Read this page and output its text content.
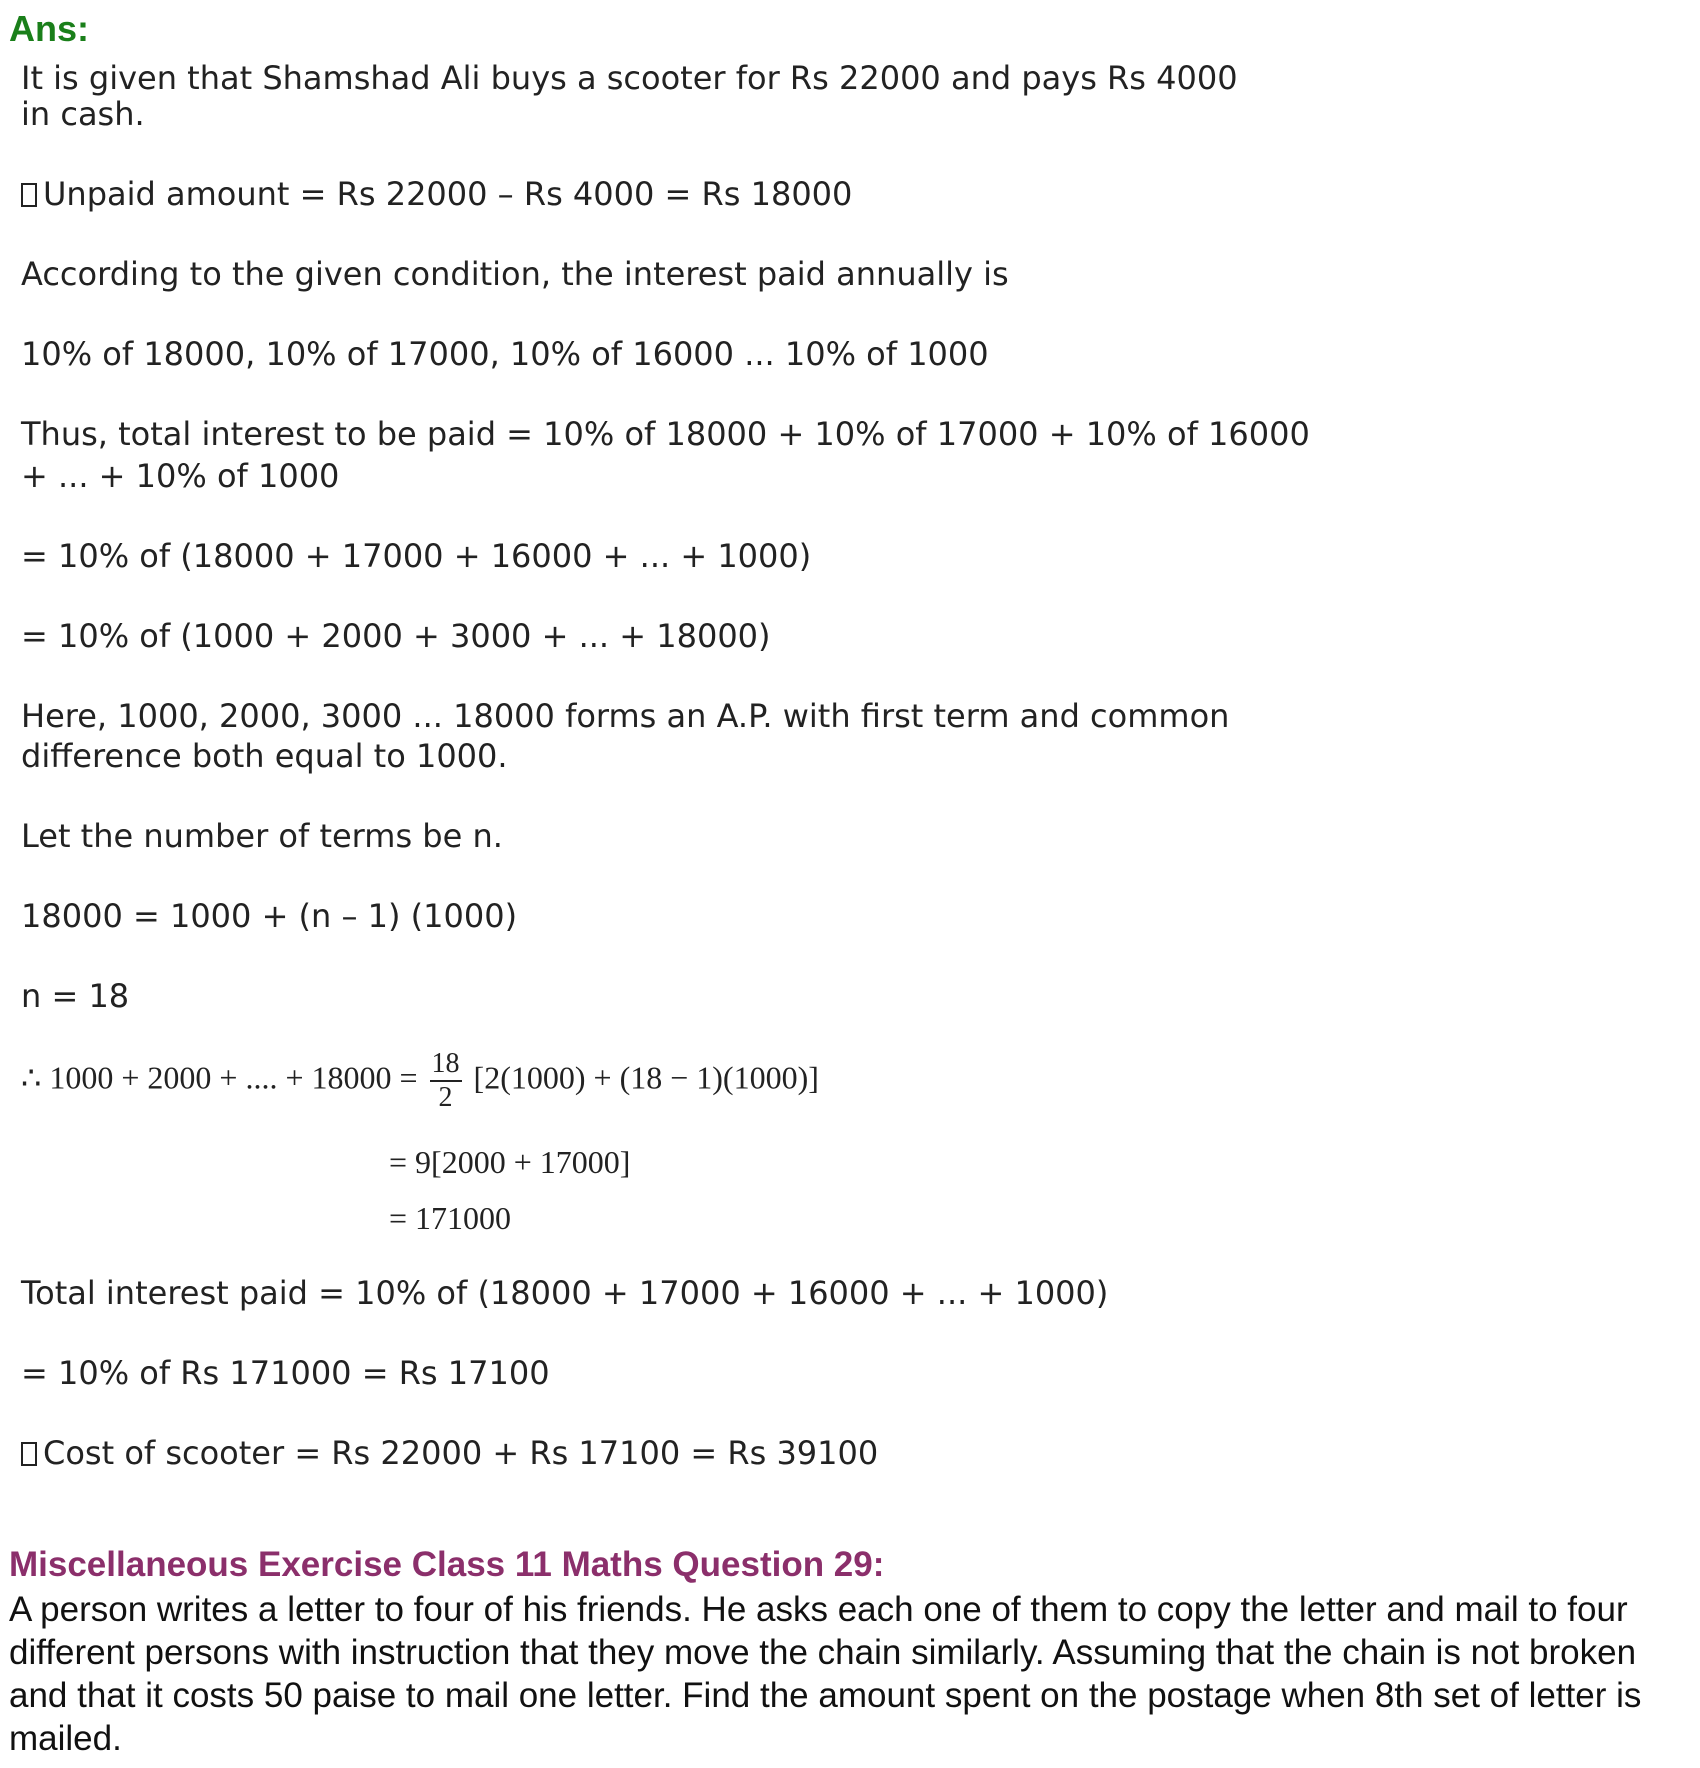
Ans:
It is given that Shamshad Ali buys a scooter for Rs 22000 and pays Rs 4000
in cash.
Unpaid amount = Rs 22000 – Rs 4000 = Rs 18000
According to the given condition, the interest paid annually is
10% of 18000, 10% of 17000, 10% of 16000 ... 10% of 1000
Thus, total interest to be paid = 10% of 18000 + 10% of 17000 + 10% of 16000
+ ... + 10% of 1000
= 10% of (18000 + 17000 + 16000 + ... + 1000)
= 10% of (1000 + 2000 + 3000 + ... + 18000)
Here, 1000, 2000, 3000 ... 18000 forms an A.P. with first term and common
difference both equal to 1000.
Let the number of terms be n.
18000 = 1000 + (n – 1) (1000)
n = 18
∴ 1000 + 2000 + .... + $18000 = \frac{18}{2} [2(1000) + (18 - 1)(1000)]$
= 9[2000 + 17000]
= 171000
Total interest paid = 10% of (18000 + 17000 + 16000 + ... + 1000)
= 10% of Rs 171000 = Rs 17100
Cost of scooter = Rs 22000 + Rs 17100 = Rs 39100
Miscellaneous Exercise Class 11 Maths Question 29:
A person writes a letter to four of his friends. He asks each one of them to copy the letter and mail to four different persons with instruction that they move the chain similarly. Assuming that the chain is not broken and that it costs 50 paise to mail one letter. Find the amount spent on the postage when 8th set of letter is mailed.
